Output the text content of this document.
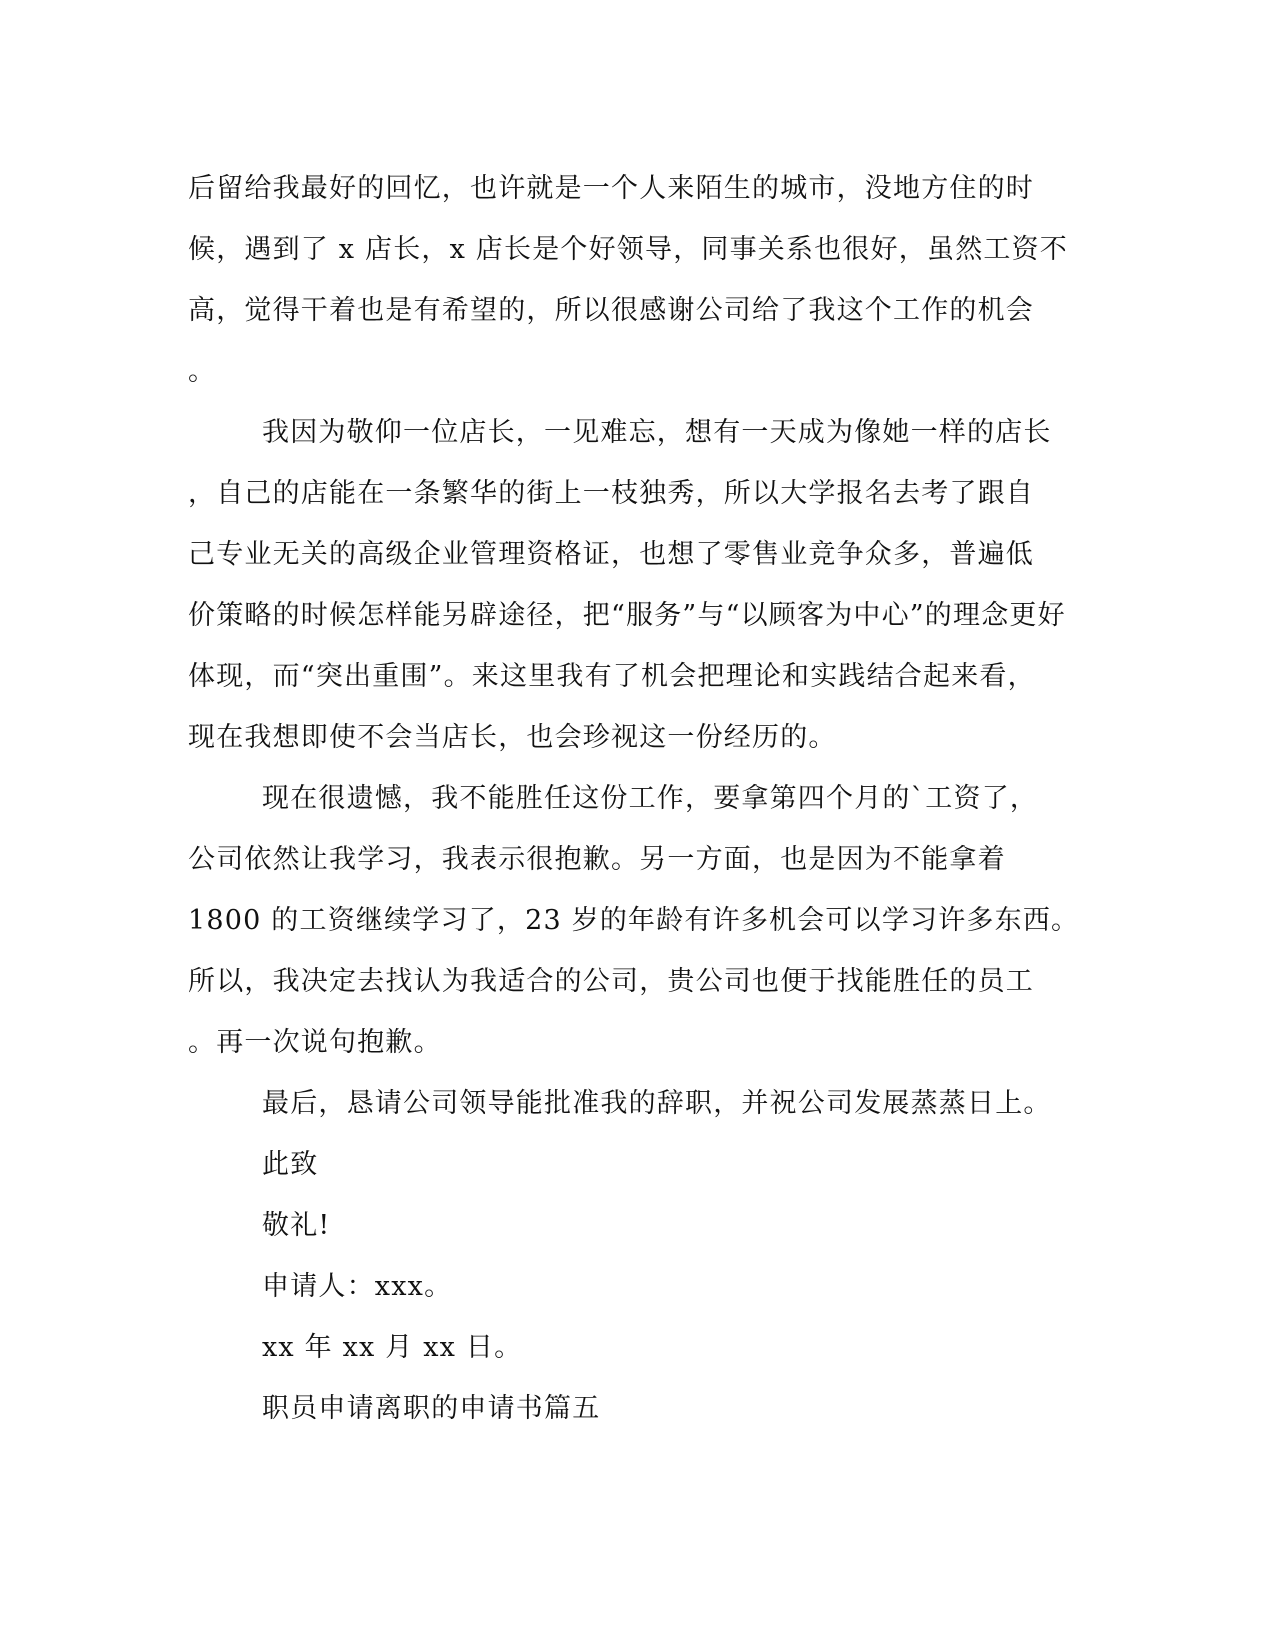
后留给我最好的回忆，也许就是一个人来陌生的城市，没地方住的时
候，遇到了 x 店长，x 店长是个好领导，同事关系也很好，虽然工资不
高，觉得干着也是有希望的，所以很感谢公司给了我这个工作的机会
。
我因为敬仰一位店长，一见难忘，想有一天成为像她一样的店长
，自己的店能在一条繁华的街上一枝独秀，所以大学报名去考了跟自
己专业无关的高级企业管理资格证，也想了零售业竞争众多，普遍低
价策略的时候怎样能另辟途径，把“服务”与“以顾客为中心”的理念更好
体现，而“突出重围”。来这里我有了机会把理论和实践结合起来看，
现在我想即使不会当店长，也会珍视这一份经历的。
现在很遗憾，我不能胜任这份工作，要拿第四个月的`工资了，
公司依然让我学习，我表示很抱歉。另一方面，也是因为不能拿着
1800 的工资继续学习了，23 岁的年龄有许多机会可以学习许多东西。
所以，我决定去找认为我适合的公司，贵公司也便于找能胜任的员工
。再一次说句抱歉。
最后，恳请公司领导能批准我的辞职，并祝公司发展蒸蒸日上。
此致
敬礼!
申请人：xxx。
xx 年 xx 月 xx 日。
职员申请离职的申请书篇五
